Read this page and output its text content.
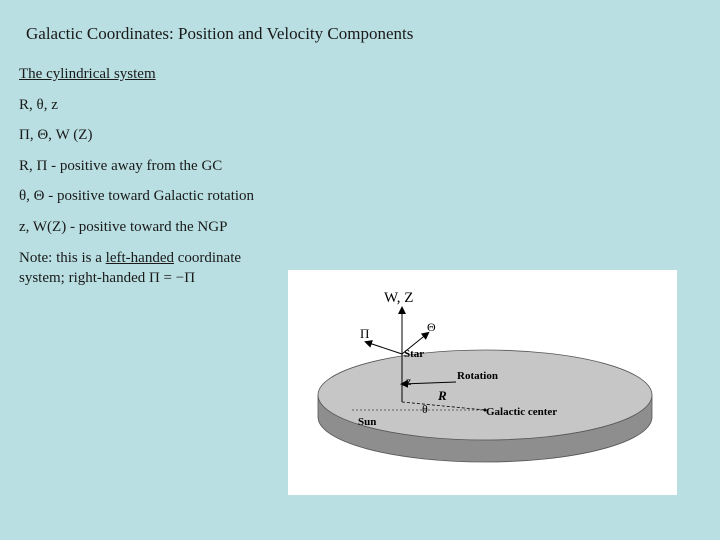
Galactic Coordinates: Position and Velocity Components
The cylindrical system
R, θ, z
Π, Θ, W (Z)
R, Π - positive away from the GC
θ, Θ - positive toward Galactic rotation
z, W(Z) - positive toward the NGP
Note: this is a left-handed coordinate
system; right-handed Π = −Π
W, Z
Π	Θ
Star
Rotation
z
R
θ
Sun
Galactic center
